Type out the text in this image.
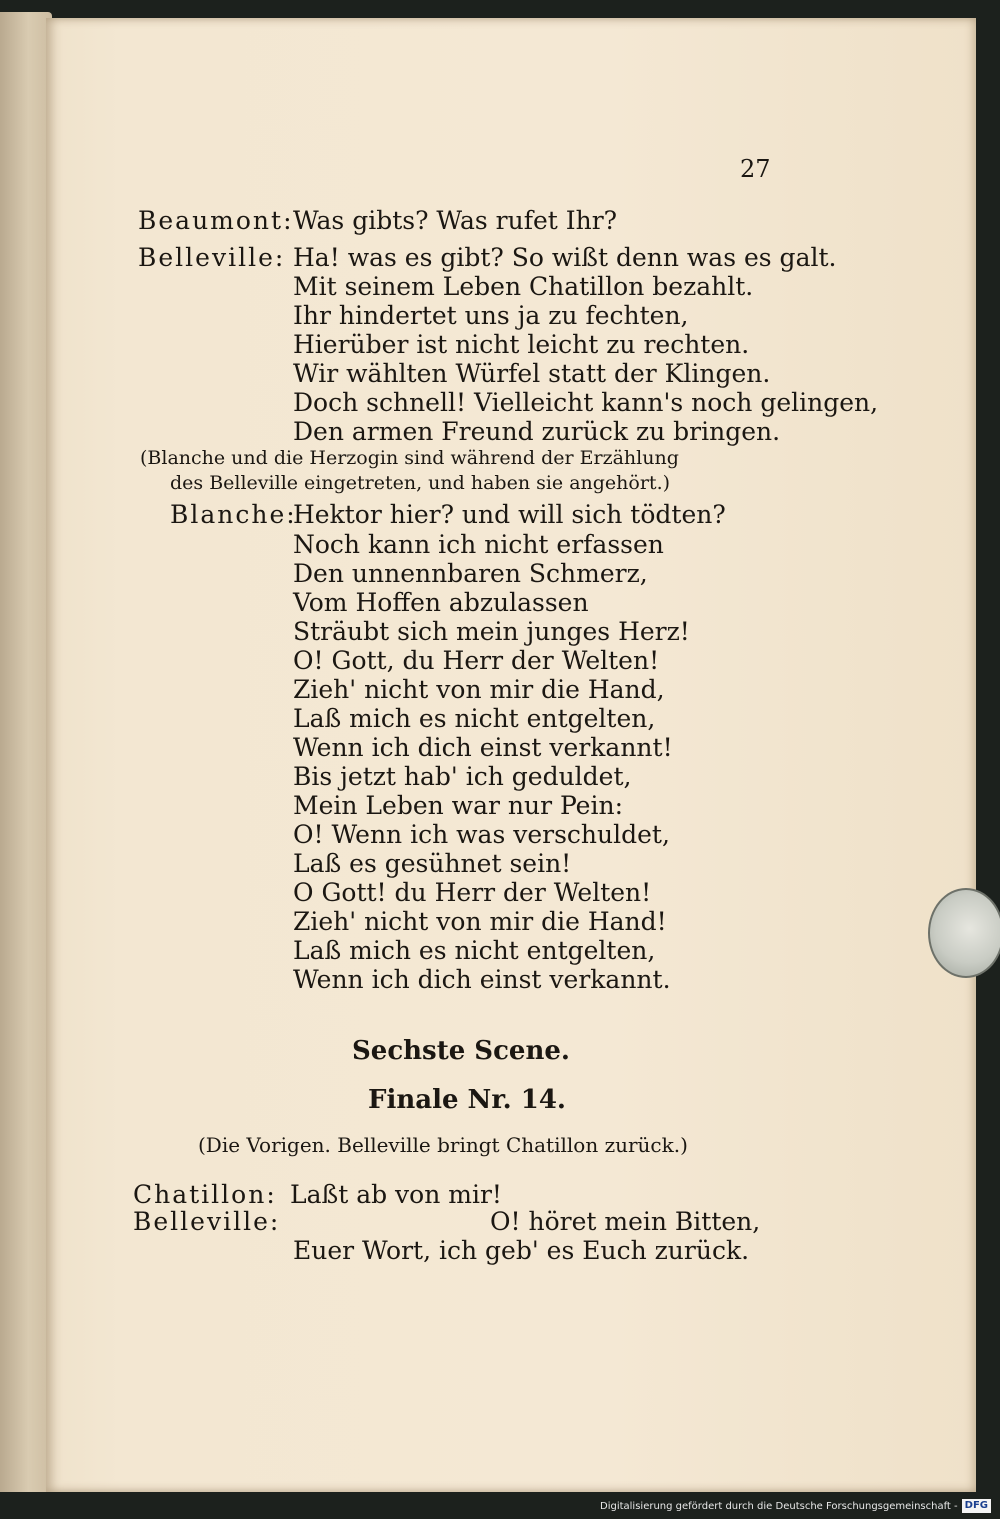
27
Beaumont: Was gibts? Was rufet Ihr?
Belleville: Ha! was es gibt? So wißt denn was es galt.
Mit seinem Leben Chatillon bezahlt.
Ihr hindertet uns ja zu fechten,
Hierüber ist nicht leicht zu rechten.
Wir wählten Würfel statt der Klingen.
Doch schnell! Vielleicht kann's noch gelingen,
Den armen Freund zurück zu bringen.
(Blanche und die Herzogin sind während der Erzählung
des Belleville eingetreten, und haben sie angehört.)
Blanche:
Hektor hier? und will sich tödten?
Noch kann ich nicht erfassen
Den unnennbaren Schmerz,
Vom Hoffen abzulassen
Sträubt sich mein junges Herz!
O! Gott, du Herr der Welten!
Zieh' nicht von mir die Hand,
Laß mich es nicht entgelten,
Wenn ich dich einst verkannt!
Bis jetzt hab' ich geduldet,
Mein Leben war nur Pein:
O! Wenn ich was verschuldet,
Laß es gesühnet sein!
O Gott! du Herr der Welten!
Zieh' nicht von mir die Hand!
Laß mich es nicht entgelten,
Wenn ich dich einst verkannt.
Sechste Scene.
Finale Nr. 14.
(Die Vorigen. Belleville bringt Chatillon zurück.)
Chatillon: Laßt ab von mir!
Belleville:	O! höret mein Bitten,
Euer Wort, ich geb' es Euch zurück.
Digitalisierung gefördert durch die Deutsche Forschungsgemeinschaft - DFG
